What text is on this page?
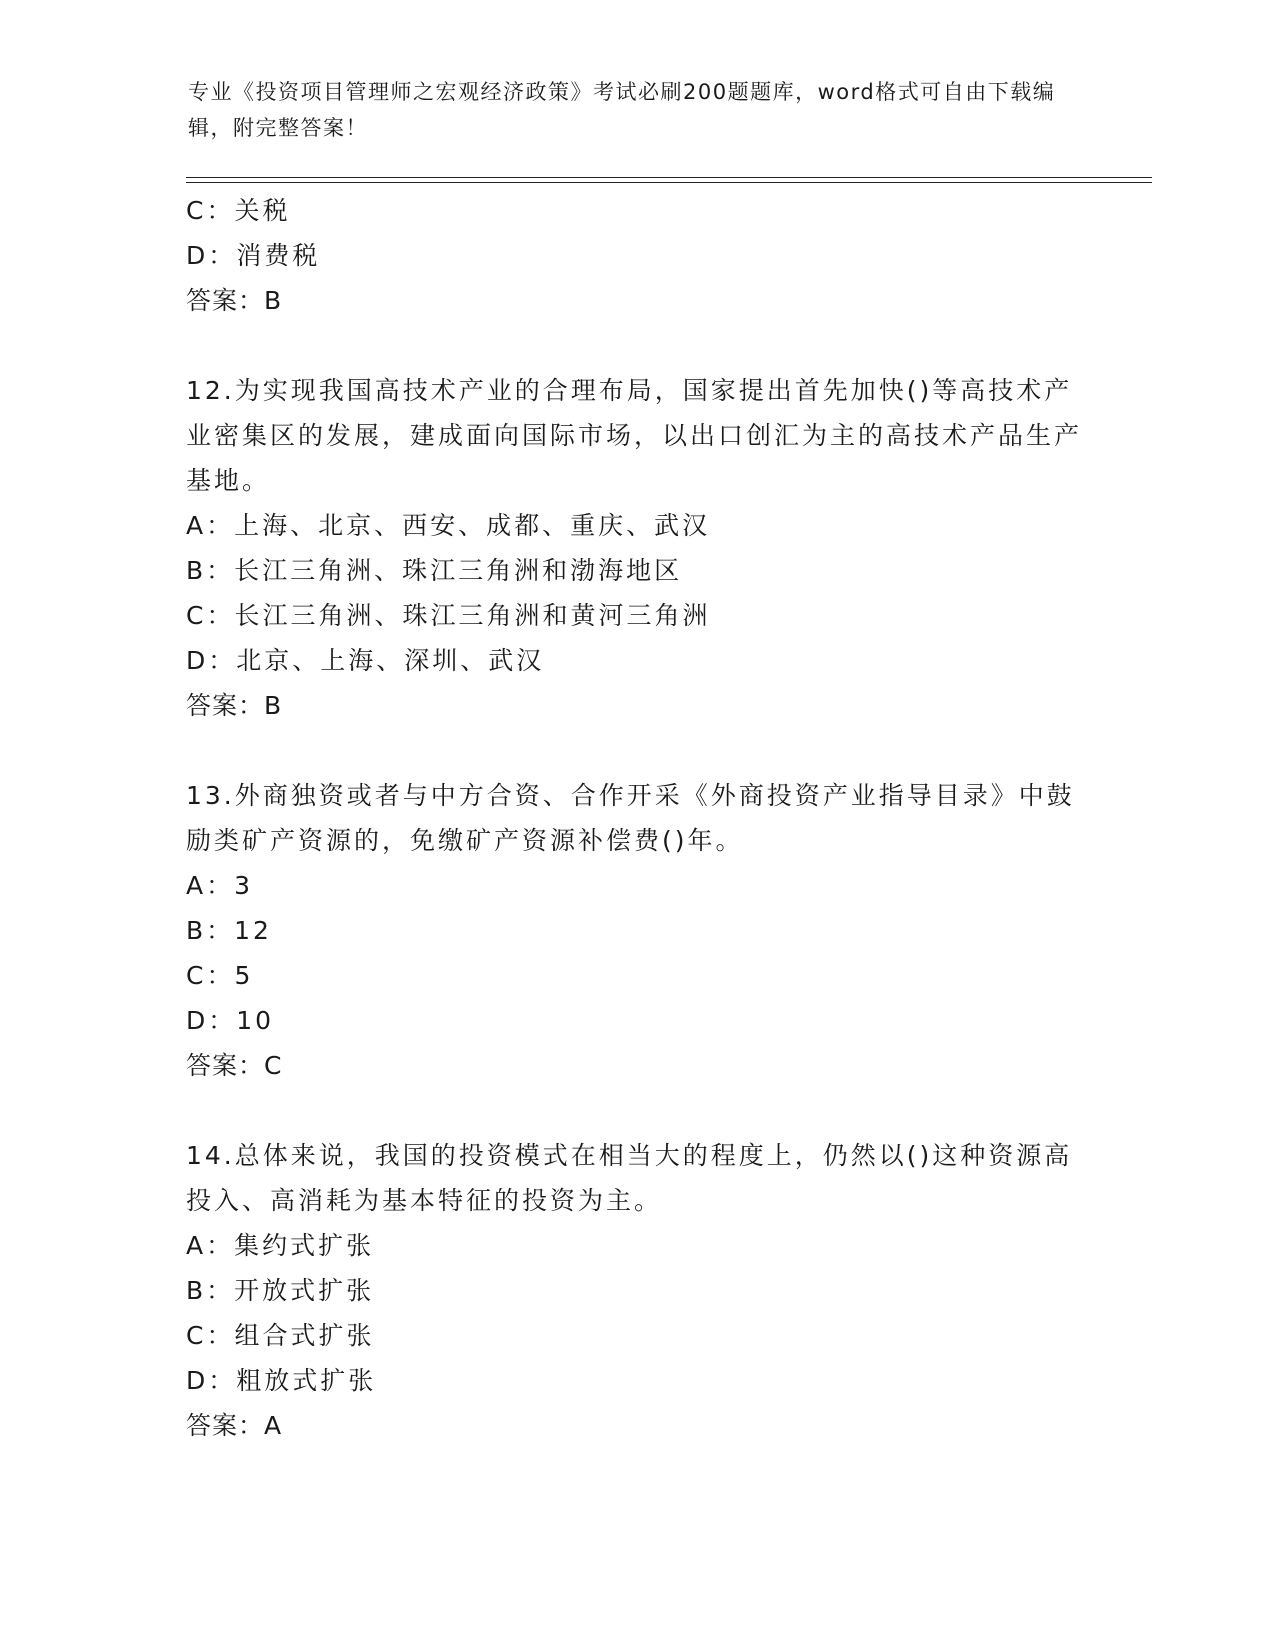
专业《投资项目管理师之宏观经济政策》考试必刷200题题库，word格式可自由下载编辑，附完整答案！
C：关税
D：消费税
答案：B
12.为实现我国高技术产业的合理布局，国家提出首先加快()等高技术产业密集区的发展，建成面向国际市场，以出口创汇为主的高技术产品生产基地。
A：上海、北京、西安、成都、重庆、武汉
B：长江三角洲、珠江三角洲和渤海地区
C：长江三角洲、珠江三角洲和黄河三角洲
D：北京、上海、深圳、武汉
答案：B
13.外商独资或者与中方合资、合作开采《外商投资产业指导目录》中鼓励类矿产资源的，免缴矿产资源补偿费()年。
A：3
B：12
C：5
D：10
答案：C
14.总体来说，我国的投资模式在相当大的程度上，仍然以()这种资源高投入、高消耗为基本特征的投资为主。
A：集约式扩张
B：开放式扩张
C：组合式扩张
D：粗放式扩张
答案：A
